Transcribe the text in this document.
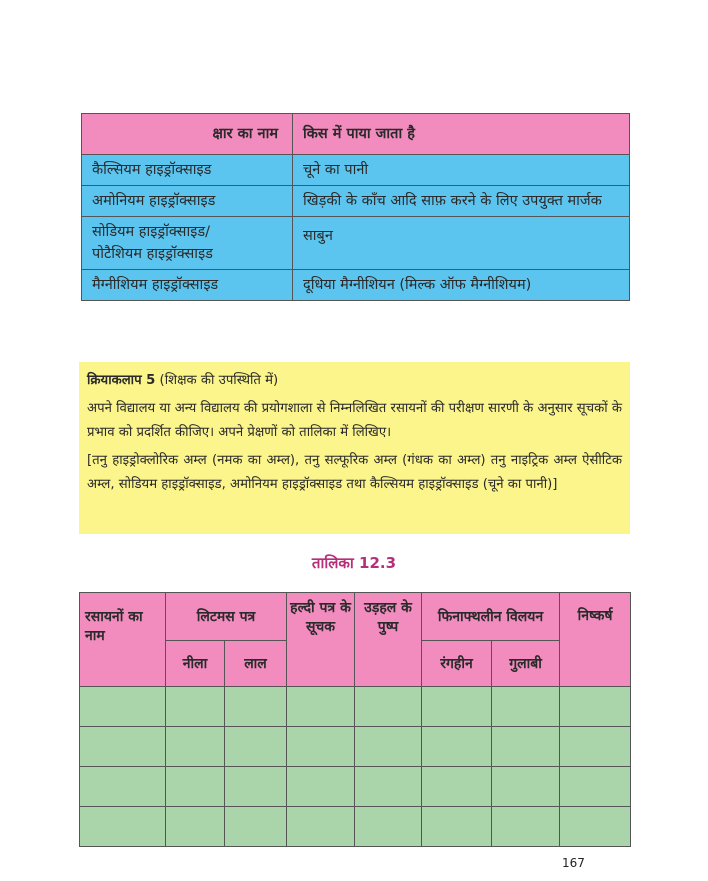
क्षार का नाम	किस में पाया जाता है
कैल्सियम हाइड्रॉक्साइड	चूने का पानी
अमोनियम हाइड्रॉक्साइड	खिड़की के काँच आदि साफ़ करने के लिए उपयुक्त मार्जक
सोडियम हाइड्रॉक्साइड/
पोटैशियम हाइड्रॉक्साइड	साबुन
मैग्नीशियम हाइड्रॉक्साइड	दूधिया मैग्नीशियन (मिल्क ऑफ मैग्नीशियम)

क्रियाकलाप 5 (शिक्षक की उपस्थिति में)

अपने विद्यालय या अन्य विद्यालय की प्रयोगशाला से निम्नलिखित रसायनों की परीक्षण सारणी के अनुसार सूचकों के प्रभाव को प्रदर्शित कीजिए। अपने प्रेक्षणों को तालिका में लिखिए।

[तनु हाइड्रोक्लोरिक अम्ल (नमक का अम्ल), तनु सल्फूरिक अम्ल (गंधक का अम्ल) तनु नाइट्रिक अम्ल ऐसीटिक अम्ल, सोडियम हाइड्रॉक्साइड, अमोनियम हाइड्रॉक्साइड तथा कैल्सियम हाइड्रॉक्साइड (चूने का पानी)]

तालिका 12.3
रसायनों का नाम	लिटमस पत्र		हल्दी पत्र के सूचक	उड़हल के पुष्प	फिनाफ्थलीन विलयन		निष्कर्ष
	नीला	लाल			रंगहीन	गुलाबी	

167
